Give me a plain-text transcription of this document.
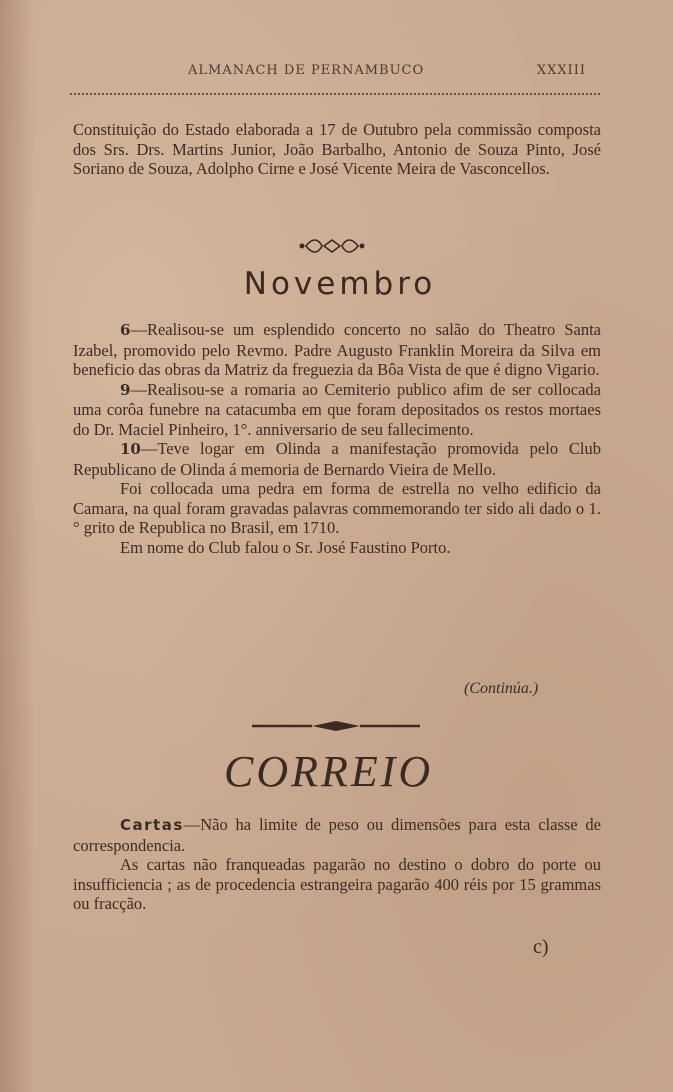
ALMANACH DE PERNAMBUCO	XXXIII

Constituição do Estado elaborada a 17 de Outubro pela commissão composta dos Srs. Drs. Martins Junior, João Barbalho, Antonio de Souza Pinto, José Soriano de Souza, Adolpho Cirne e José Vicente Meira de Vasconcellos.

Novembro

6—Realisou-se um esplendido concerto no salão do Theatro Santa Izabel, promovido pelo Revmo. Padre Augusto Franklin Moreira da Silva em beneficio das obras da Matriz da freguezia da Bôa Vista de que é digno Vigario.

9—Realisou-se a romaria ao Cemiterio publico afim de ser collocada uma corôa funebre na catacumba em que foram depositados os restos mortaes do Dr. Maciel Pinheiro, 1°. anniversario de seu fallecimento.

10—Teve logar em Olinda a manifestação promovida pelo Club Republicano de Olinda á memoria de Bernardo Vieira de Mello.

Foi collocada uma pedra em forma de estrella no velho edificio da Camara, na qual foram gravadas palavras commemorando ter sido ali dado o 1.° grito de Republica no Brasil, em 1710.

Em nome do Club falou o Sr. José Faustino Porto.

(Continúa.)
CORREIO

Cartas—Não ha limite de peso ou dimensões para esta classe de correspondencia.

As cartas não franqueadas pagarão no destino o dobro do porte ou insufficiencia ; as de procedencia estrangeira pagarão 400 réis por 15 grammas ou fracção.

c)
